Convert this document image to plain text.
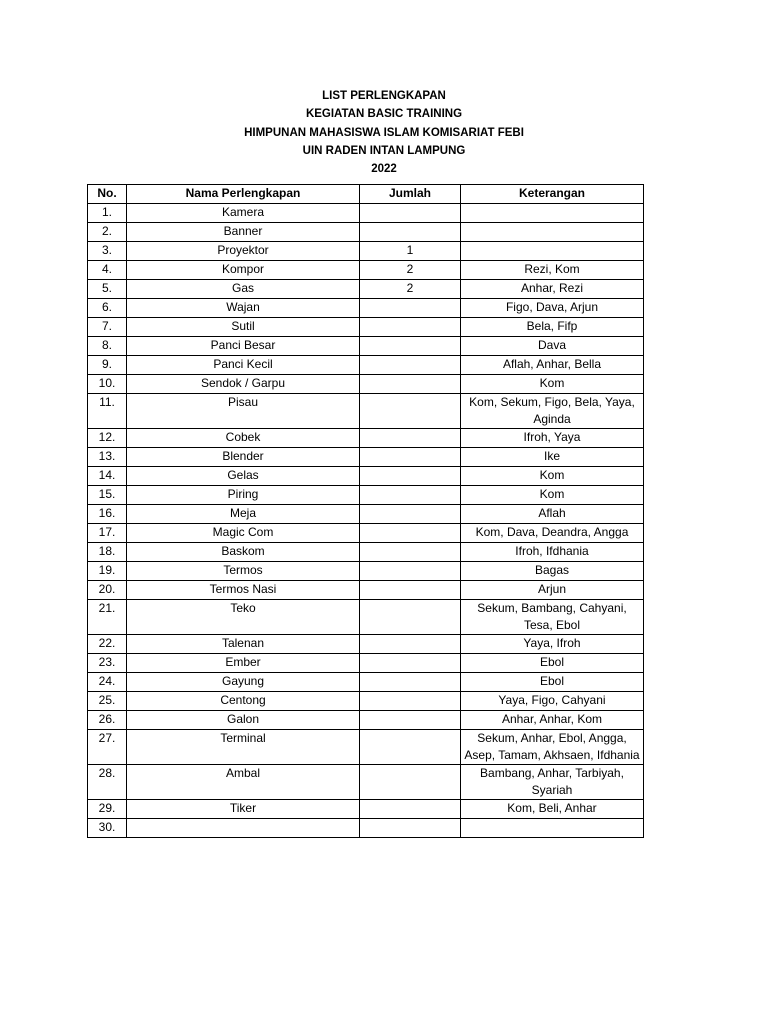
LIST PERLENGKAPAN
KEGIATAN BASIC TRAINING
HIMPUNAN MAHASISWA ISLAM KOMISARIAT FEBI
UIN RADEN INTAN LAMPUNG
2022
No.	Nama Perlengkapan	Jumlah	Keterangan
1.	Kamera		
2.	Banner		
3.	Proyektor	1	
4.	Kompor	2	Rezi, Kom
5.	Gas	2	Anhar, Rezi
6.	Wajan		Figo, Dava, Arjun
7.	Sutil		Bela, Fifp
8.	Panci Besar		Dava
9.	Panci Kecil		Aflah, Anhar, Bella
10.	Sendok / Garpu		Kom
11.	Pisau		Kom, Sekum, Figo, Bela, Yaya, Aginda
12.	Cobek		Ifroh, Yaya
13.	Blender		Ike
14.	Gelas		Kom
15.	Piring		Kom
16.	Meja		Aflah
17.	Magic Com		Kom, Dava, Deandra, Angga
18.	Baskom		Ifroh, Ifdhania
19.	Termos		Bagas
20.	Termos Nasi		Arjun
21.	Teko		Sekum, Bambang, Cahyani, Tesa, Ebol
22.	Talenan		Yaya, Ifroh
23.	Ember		Ebol
24.	Gayung		Ebol
25.	Centong		Yaya, Figo, Cahyani
26.	Galon		Anhar, Anhar, Kom
27.	Terminal		Sekum, Anhar, Ebol, Angga, Asep, Tamam, Akhsaen, Ifdhania
28.	Ambal		Bambang, Anhar, Tarbiyah, Syariah
29.	Tiker		Kom, Beli, Anhar
30.			
